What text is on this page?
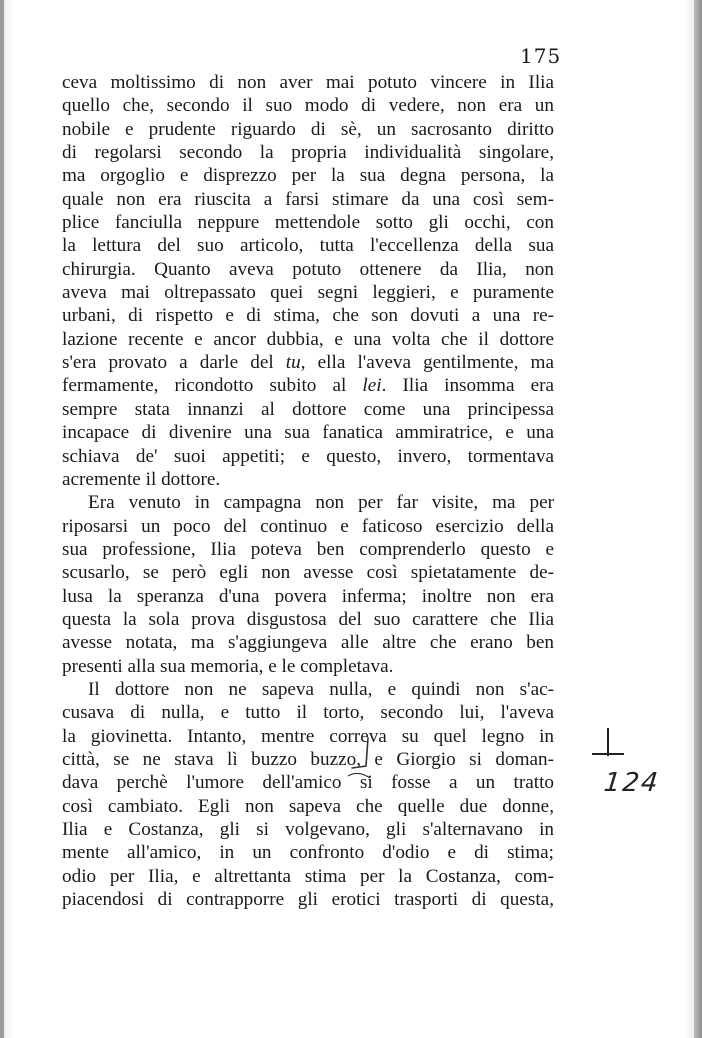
175
ceva moltissimo di non aver mai potuto vincere in Ilia
quello che, secondo il suo modo di vedere, non era un
nobile e prudente riguardo di sè, un sacrosanto diritto
di regolarsi secondo la propria individualità singolare,
ma orgoglio e disprezzo per la sua degna persona, la
quale non era riuscita a farsi stimare da una così sem-
plice fanciulla neppure mettendole sotto gli occhi, con
la lettura del suo articolo, tutta l'eccellenza della sua
chirurgia. Quanto aveva potuto ottenere da Ilia, non
aveva mai oltrepassato quei segni leggieri, e puramente
urbani, di rispetto e di stima, che son dovuti a una re-
lazione recente e ancor dubbia, e una volta che il dottore
s'era provato a darle del tu, ella l'aveva gentilmente, ma
fermamente, ricondotto subito al lei. Ilia insomma era
sempre stata innanzi al dottore come una principessa
incapace di divenire una sua fanatica ammiratrice, e una
schiava de' suoi appetiti; e questo, invero, tormentava
acremente il dottore.
Era venuto in campagna non per far visite, ma per
riposarsi un poco del continuo e faticoso esercizio della
sua professione, Ilia poteva ben comprenderlo questo e
scusarlo, se però egli non avesse così spietatamente de-
lusa la speranza d'una povera inferma; inoltre non era
questa la sola prova disgustosa del suo carattere che Ilia
avesse notata, ma s'aggiungeva alle altre che erano ben
presenti alla sua memoria, e le completava.
Il dottore non ne sapeva nulla, e quindi non s'ac-
cusava di nulla, e tutto il torto, secondo lui, l'aveva
la giovinetta. Intanto, mentre correva su quel legno in
città, se ne stava lì buzzo buzzo, e Giorgio si doman-
dava perchè l'umore dell'amico si fosse a un tratto
così cambiato. Egli non sapeva che quelle due donne,
Ilia e Costanza, gli si volgevano, gli s'alternavano in
mente all'amico, in un confronto d'odio e di stima;
odio per Ilia, e altrettanta stima per la Costanza, com-
piacendosi di contrapporre gli erotici trasporti di questa,
124
